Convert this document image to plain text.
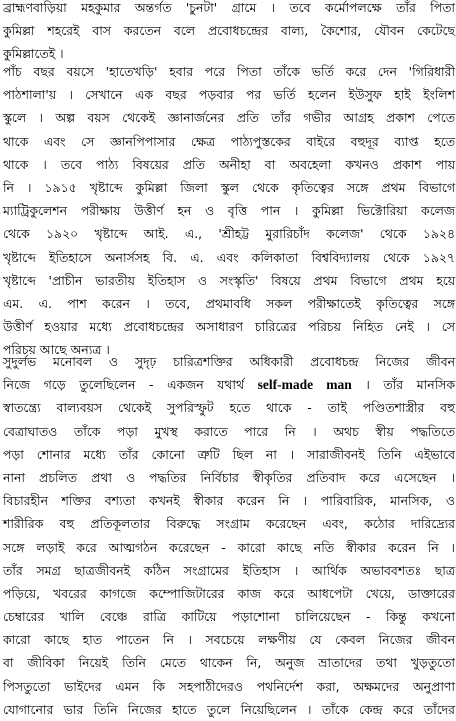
ব্রাহ্মণবাড়িয়া মহকুমার অন্তর্গত 'চুনটা' গ্রামে । তবে কর্মোপলক্ষে তাঁর পিতা
কুমিল্লা শহরেই বাস করতেন বলে প্রবোধচন্দ্রের বাল্য, কৈশোর, যৌবন কেটেছে
কুমিল্লাতেই ।
পাঁচ বছর বয়সে 'হাতেখড়ি' হবার পরে পিতা তাঁকে ভর্তি করে দেন 'গিরিধারী
পাঠশালা'য় । সেখানে এক বছর পড়বার পর ভর্তি হলেন ইউসুফ হাই ইংলিশ
স্কুলে । অল্প বয়স থেকেই জ্ঞানার্জনের প্রতি তাঁর গভীর আগ্রহ প্রকাশ পেতে
থাকে এবং সে জ্ঞানপিপাসার ক্ষেত্র পাঠ্যপুস্তকের বাইরে বহুদূর ব্যাপ্ত হতে
থাকে । তবে পাঠ্য বিষয়ের প্রতি অনীহা বা অবহেলা কখনও প্রকাশ পায়
নি । ১৯১৫ খৃষ্টাব্দে কুমিল্লা জিলা স্কুল থেকে কৃতিত্বের সঙ্গে প্রথম বিভাগে
ম্যাট্রিকুলেশন পরীক্ষায় উত্তীর্ণ হন ও বৃত্তি পান । কুমিল্লা ভিক্টোরিয়া কলেজ
থেকে ১৯২০ খৃষ্টাব্দে আই. এ., 'শ্রীহট্ট মুরারিচাঁদ কলেজ' থেকে ১৯২৪
খৃষ্টাব্দে ইতিহাসে অনার্সসহ বি. এ. এবং কলিকাতা বিশ্ববিদ্যালয় থেকে ১৯২৭
খৃষ্টাব্দে 'প্রাচীন ভারতীয় ইতিহাস ও সংস্কৃতি' বিষয়ে প্রথম বিভাগে প্রথম হয়ে
এম. এ. পাশ করেন । তবে, প্রথমাবধি সকল পরীক্ষাতেই কৃতিত্বের সঙ্গে
উত্তীর্ণ হওয়ার মধ্যে প্রবোধচন্দ্রের অসাধারণ চারিত্রের পরিচয় নিহিত নেই । সে
পরিচয় আছে অন্যত্র ।
সুদুর্লভ মনোবল ও সুদৃঢ় চারিত্রশক্তির অধিকারী প্রবোধচন্দ্র নিজের জীবন
নিজে গড়ে তুলেছিলেন - একজন যথার্থ self-made man । তাঁর মানসিক
স্বাতন্ত্র্যে বাল্যবয়স থেকেই সুপরিস্ফুট হতে থাকে - তাই পণ্ডিতশাস্ত্রীর বহু
বেত্রাঘাতও তাঁকে পড়া মুখস্থ করাতে পারে নি । অথচ স্বীয় পদ্ধতিতে
পড়া শোনার মধ্যে তাঁর কোনো ত্রুটি ছিল না । সারাজীবনই তিনি এইভাবে
নানা প্রচলিত প্রথা ও পদ্ধতির নির্বিচার স্বীকৃতির প্রতিবাদ করে এসেছেন ।
বিচারহীন শক্তির বশ্যতা কখনই স্বীকার করেন নি । পারিবারিক, মানসিক, ও
শারীরিক বহু প্রতিকূলতার বিরুদ্ধে সংগ্রাম করেছেন এবং, কঠোর দারিদ্র্যের
সঙ্গে লড়াই করে আত্মগঠন করেছেন - কারো কাছে নতি স্বীকার করেন নি ।
তাঁর সমগ্র ছাত্রজীবনই কঠিন সংগ্রামের ইতিহাস । আর্থিক অভাববশতঃ ছাত্র
পড়িয়ে, খবরের কাগজে কম্পোজিটারের কাজ করে আধপেটা খেয়ে, ডাক্তারের
চেম্বারের খালি বেঞ্চে রাত্রি কাটিয়ে পড়াশোনা চালিয়েছেন - কিন্তু কখনো
কারো কাছে হাত পাতেন নি । সবচেয়ে লক্ষণীয় যে কেবল নিজের জীবন
বা জীবিকা নিয়েই তিনি মেতে থাকেন নি, অনুজ ভ্রাতাদের তথা খুড়তুতো
পিসতুতো ভাইদের এমন কি সহপাঠীদেরও পথনির্দেশ করা, অক্ষমদের অনুপ্রাণা
যোগানোর ভার তিনি নিজের হাতে তুলে নিয়েছিলেন । তাঁকে কেন্দ্র করে তাঁদের
